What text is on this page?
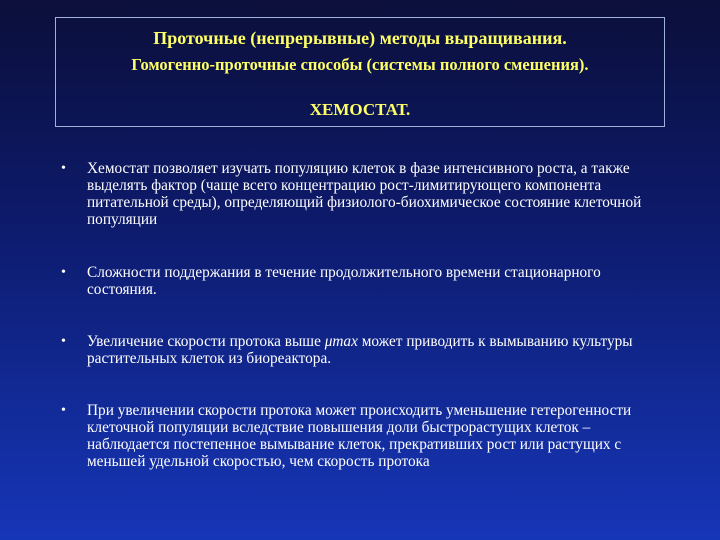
Проточные (непрерывные) методы выращивания.
Гомогенно-проточные способы (системы полного смешения).
ХЕМОСТАТ.
• Хемостат позволяет изучать популяцию клеток в фазе интенсивного роста, а также выделять фактор (чаще всего концентрацию рост-лимитирующего компонента питательной среды), определяющий физиолого-биохимическое состояние клеточной популяции
• Сложности поддержания в течение продолжительного времени стационарного состояния.
• Увеличение скорости протока выше μmax может приводить к вымыванию культуры растительных клеток из биореактора.
• При увеличении скорости протока может происходить уменьшение гетерогенности клеточной популяции вследствие повышения доли быстрорастущих клеток – наблюдается постепенное вымывание клеток, прекративших рост или растущих с меньшей удельной скоростью, чем скорость протока
